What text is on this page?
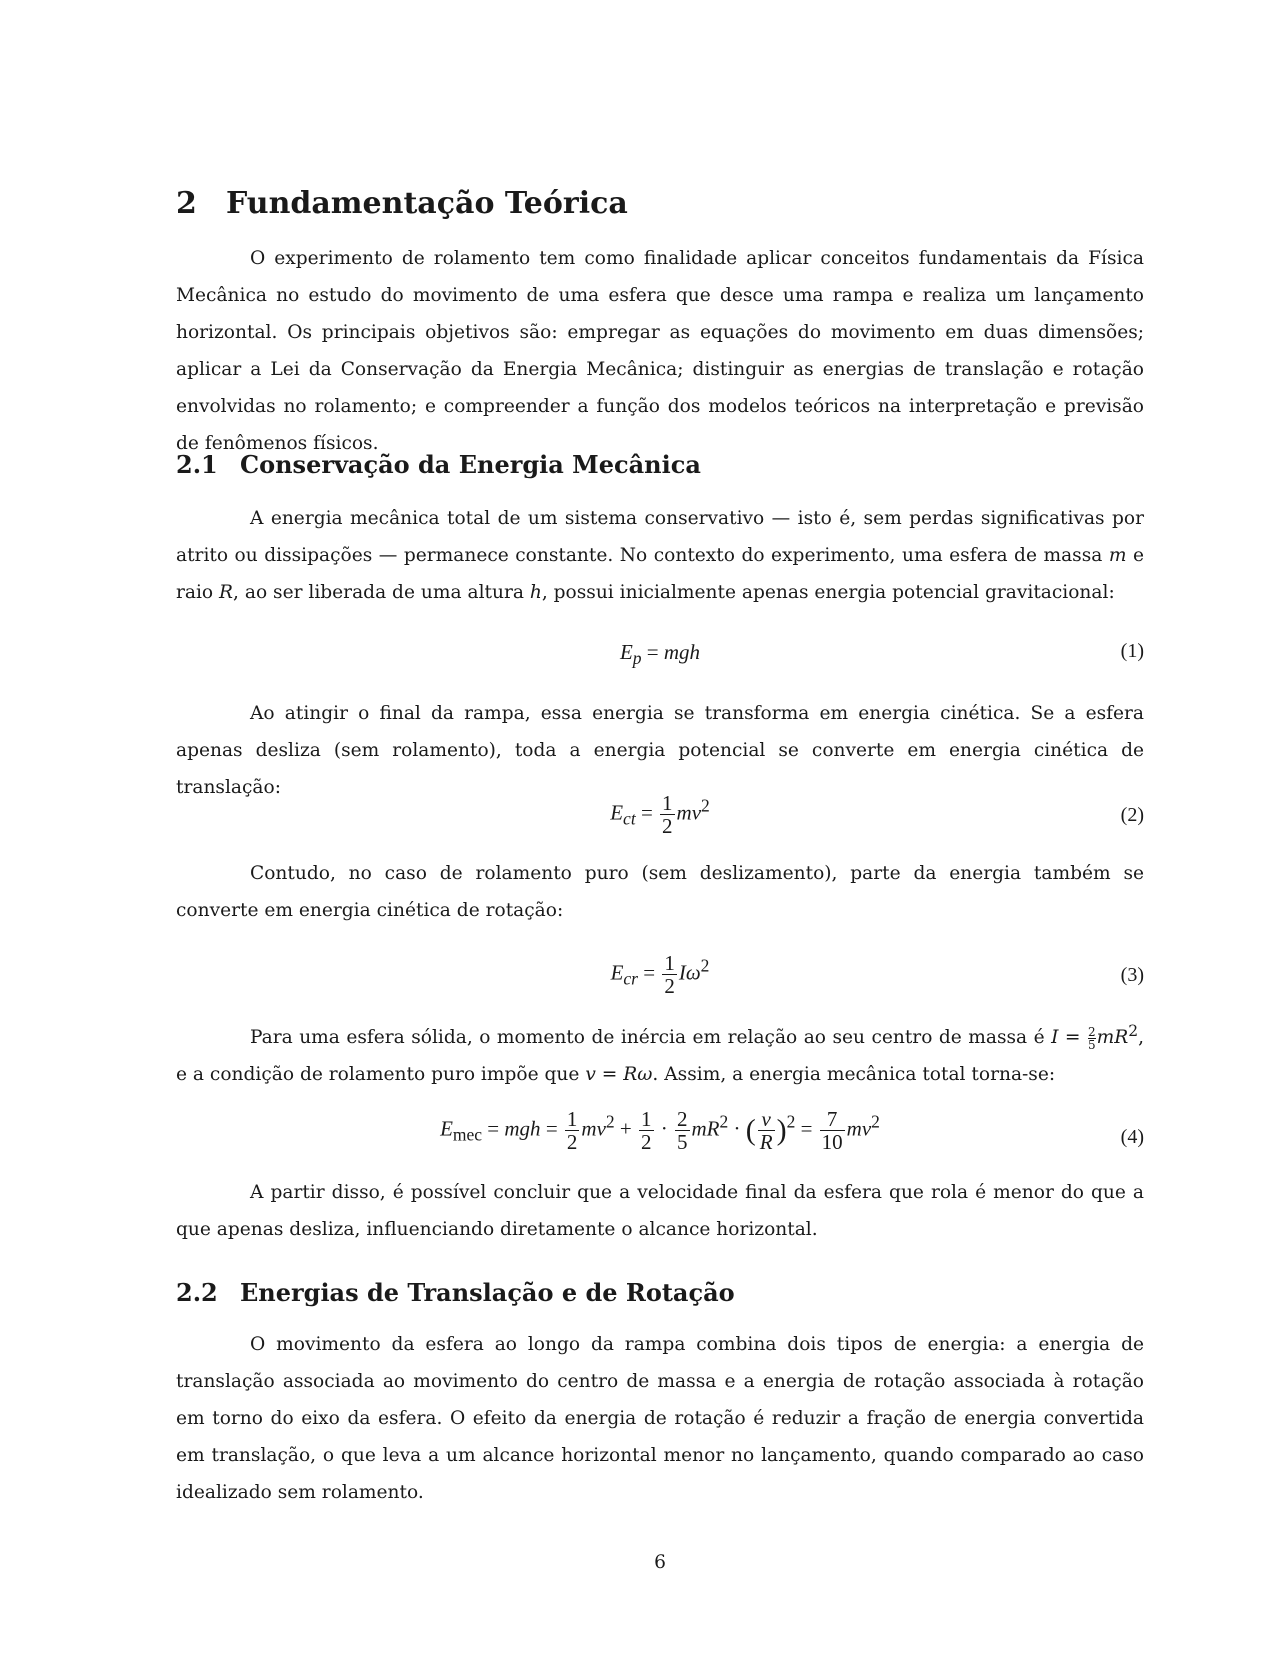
2 Fundamentação Teórica

O experimento de rolamento tem como finalidade aplicar conceitos fundamentais da Física Mecânica no estudo do movimento de uma esfera que desce uma rampa e realiza um lançamento horizontal. Os principais objetivos são: empregar as equações do movimento em duas dimensões; aplicar a Lei da Conservação da Energia Mecânica; distinguir as energias de translação e rotação envolvidas no rolamento; e compreender a função dos modelos teóricos na interpretação e previsão de fenômenos físicos.

2.1 Conservação da Energia Mecânica

A energia mecânica total de um sistema conservativo — isto é, sem perdas significativas por atrito ou dissipações — permanece constante. No contexto do experimento, uma esfera de massa m e raio R, ao ser liberada de uma altura h, possui inicialmente apenas energia potencial gravitacional:

$E_p$ = mgh	(1)

Ao atingir o final da rampa, essa energia se transforma em energia cinética. Se a esfera apenas desliza (sem rolamento), toda a energia potencial se converte em energia cinética de translação:

$E_{ct} = \frac{1}{2} mv^2$	(2)

Contudo, no caso de rolamento puro (sem deslizamento), parte da energia também se converte em energia cinética de rotação:

$E_{cr} = \frac{1}{2} I\omega^2$	(3)

Para uma esfera sólida, o momento de inércia em relação ao seu centro de massa é $I = \frac{2}{5} mR^2$, e a condição de rolamento puro impõe que v = Rω. Assim, a energia mecânica total torna-se:

$E_{mec}$ = mgh = $\frac{1}{2} mv^2 + \frac{1}{2} \cdot \frac{2}{5} mR^2$ · ( $\frac{v}{R} )^2 = \frac{7}{10} mv^2$
(4)

A partir disso, é possível concluir que a velocidade final da esfera que rola é menor do que a que apenas desliza, influenciando diretamente o alcance horizontal.

2.2 Energias de Translação e de Rotação

O movimento da esfera ao longo da rampa combina dois tipos de energia: a energia de translação associada ao movimento do centro de massa e a energia de rotação associada à rotação em torno do eixo da esfera. O efeito da energia de rotação é reduzir a fração de energia convertida em translação, o que leva a um alcance horizontal menor no lançamento, quando comparado ao caso idealizado sem rolamento.

6
